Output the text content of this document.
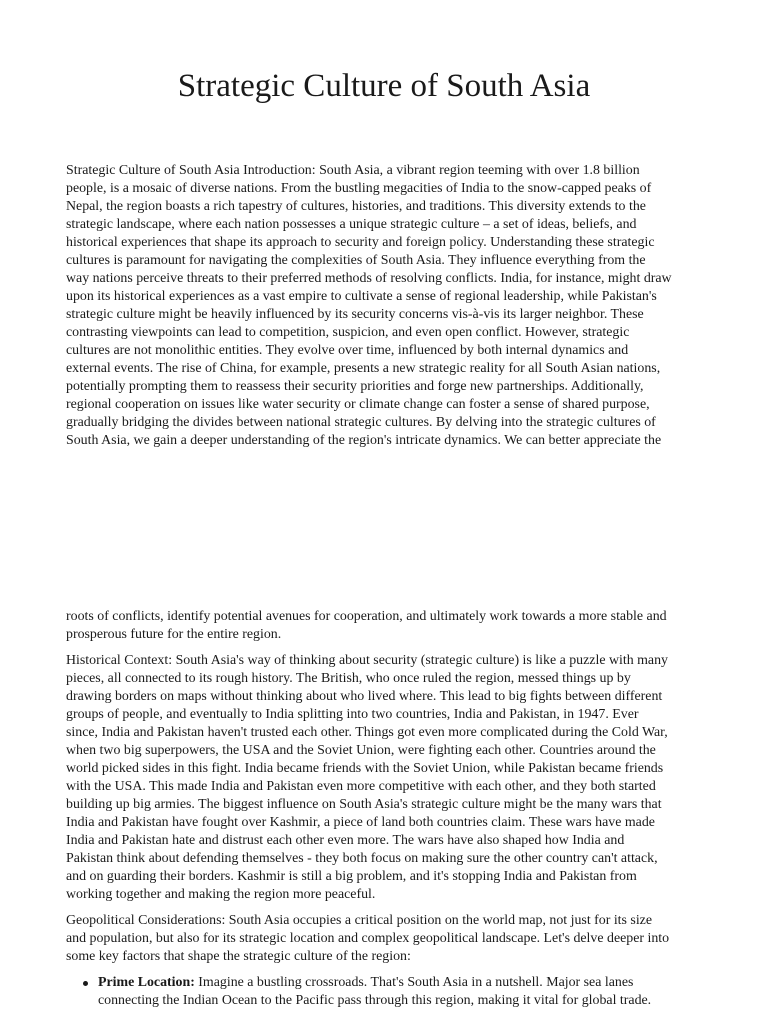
Strategic Culture of South Asia
Strategic Culture of South Asia Introduction: South Asia, a vibrant region teeming with over 1.8 billion
people, is a mosaic of diverse nations. From the bustling megacities of India to the snow-capped peaks of
Nepal, the region boasts a rich tapestry of cultures, histories, and traditions. This diversity extends to the
strategic landscape, where each nation possesses a unique strategic culture – a set of ideas, beliefs, and
historical experiences that shape its approach to security and foreign policy. Understanding these strategic
cultures is paramount for navigating the complexities of South Asia. They influence everything from the
way nations perceive threats to their preferred methods of resolving conflicts. India, for instance, might draw
upon its historical experiences as a vast empire to cultivate a sense of regional leadership, while Pakistan's
strategic culture might be heavily influenced by its security concerns vis-à-vis its larger neighbor. These
contrasting viewpoints can lead to competition, suspicion, and even open conflict. However, strategic
cultures are not monolithic entities. They evolve over time, influenced by both internal dynamics and
external events. The rise of China, for example, presents a new strategic reality for all South Asian nations,
potentially prompting them to reassess their security priorities and forge new partnerships. Additionally,
regional cooperation on issues like water security or climate change can foster a sense of shared purpose,
gradually bridging the divides between national strategic cultures. By delving into the strategic cultures of
South Asia, we gain a deeper understanding of the region's intricate dynamics. We can better appreciate the
roots of conflicts, identify potential avenues for cooperation, and ultimately work towards a more stable and
prosperous future for the entire region.
Historical Context: South Asia's way of thinking about security (strategic culture) is like a puzzle with many
pieces, all connected to its rough history. The British, who once ruled the region, messed things up by
drawing borders on maps without thinking about who lived where. This lead to big fights between different
groups of people, and eventually to India splitting into two countries, India and Pakistan, in 1947. Ever
since, India and Pakistan haven't trusted each other. Things got even more complicated during the Cold War,
when two big superpowers, the USA and the Soviet Union, were fighting each other. Countries around the
world picked sides in this fight. India became friends with the Soviet Union, while Pakistan became friends
with the USA. This made India and Pakistan even more competitive with each other, and they both started
building up big armies. The biggest influence on South Asia's strategic culture might be the many wars that
India and Pakistan have fought over Kashmir, a piece of land both countries claim. These wars have made
India and Pakistan hate and distrust each other even more. The wars have also shaped how India and
Pakistan think about defending themselves - they both focus on making sure the other country can't attack,
and on guarding their borders. Kashmir is still a big problem, and it's stopping India and Pakistan from
working together and making the region more peaceful.
Geopolitical Considerations: South Asia occupies a critical position on the world map, not just for its size
and population, but also for its strategic location and complex geopolitical landscape. Let's delve deeper into
some key factors that shape the strategic culture of the region:
Prime Location: Imagine a bustling crossroads. That's South Asia in a nutshell. Major sea lanes
connecting the Indian Ocean to the Pacific pass through this region, making it vital for global trade.
